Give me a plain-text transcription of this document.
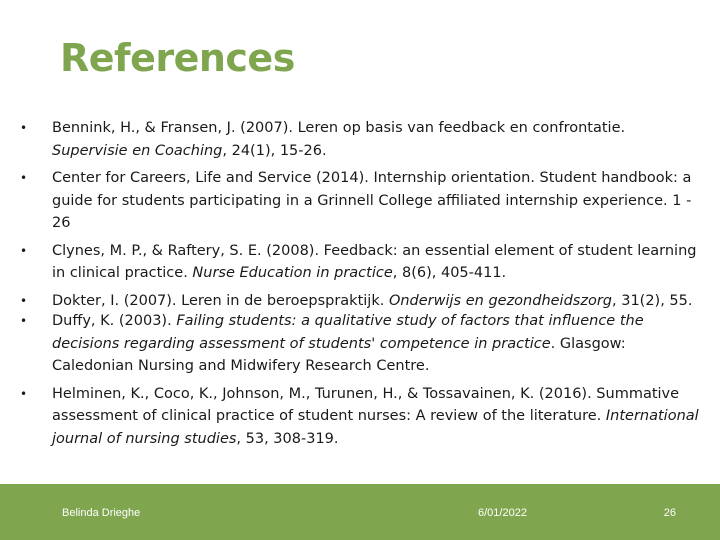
References
•	Bennink, H., & Fransen, J. (2007). Leren op basis van feedback en confrontatie. Supervisie en Coaching, 24(1), 15-26.
•	Center for Careers, Life and Service (2014). Internship orientation. Student handbook: a guide for students participating in a Grinnell College affiliated internship experience. 1 - 26
•	Clynes, M. P., & Raftery, S. E. (2008). Feedback: an essential element of student learning in clinical practice. Nurse Education in practice, 8(6), 405-411.
•	Dokter, I. (2007). Leren in de beroepspraktijk. Onderwijs en gezondheidszorg, 31(2), 55.
•	Duffy, K. (2003). Failing students: a qualitative study of factors that influence the decisions regarding assessment of students' competence in practice. Glasgow: Caledonian Nursing and Midwifery Research Centre.
•	Helminen, K., Coco, K., Johnson, M., Turunen, H., & Tossavainen, K. (2016). Summative assessment of clinical practice of student nurses: A review of the literature. International journal of nursing studies, 53, 308-319.
Belinda Drieghe	6/01/2022	26
